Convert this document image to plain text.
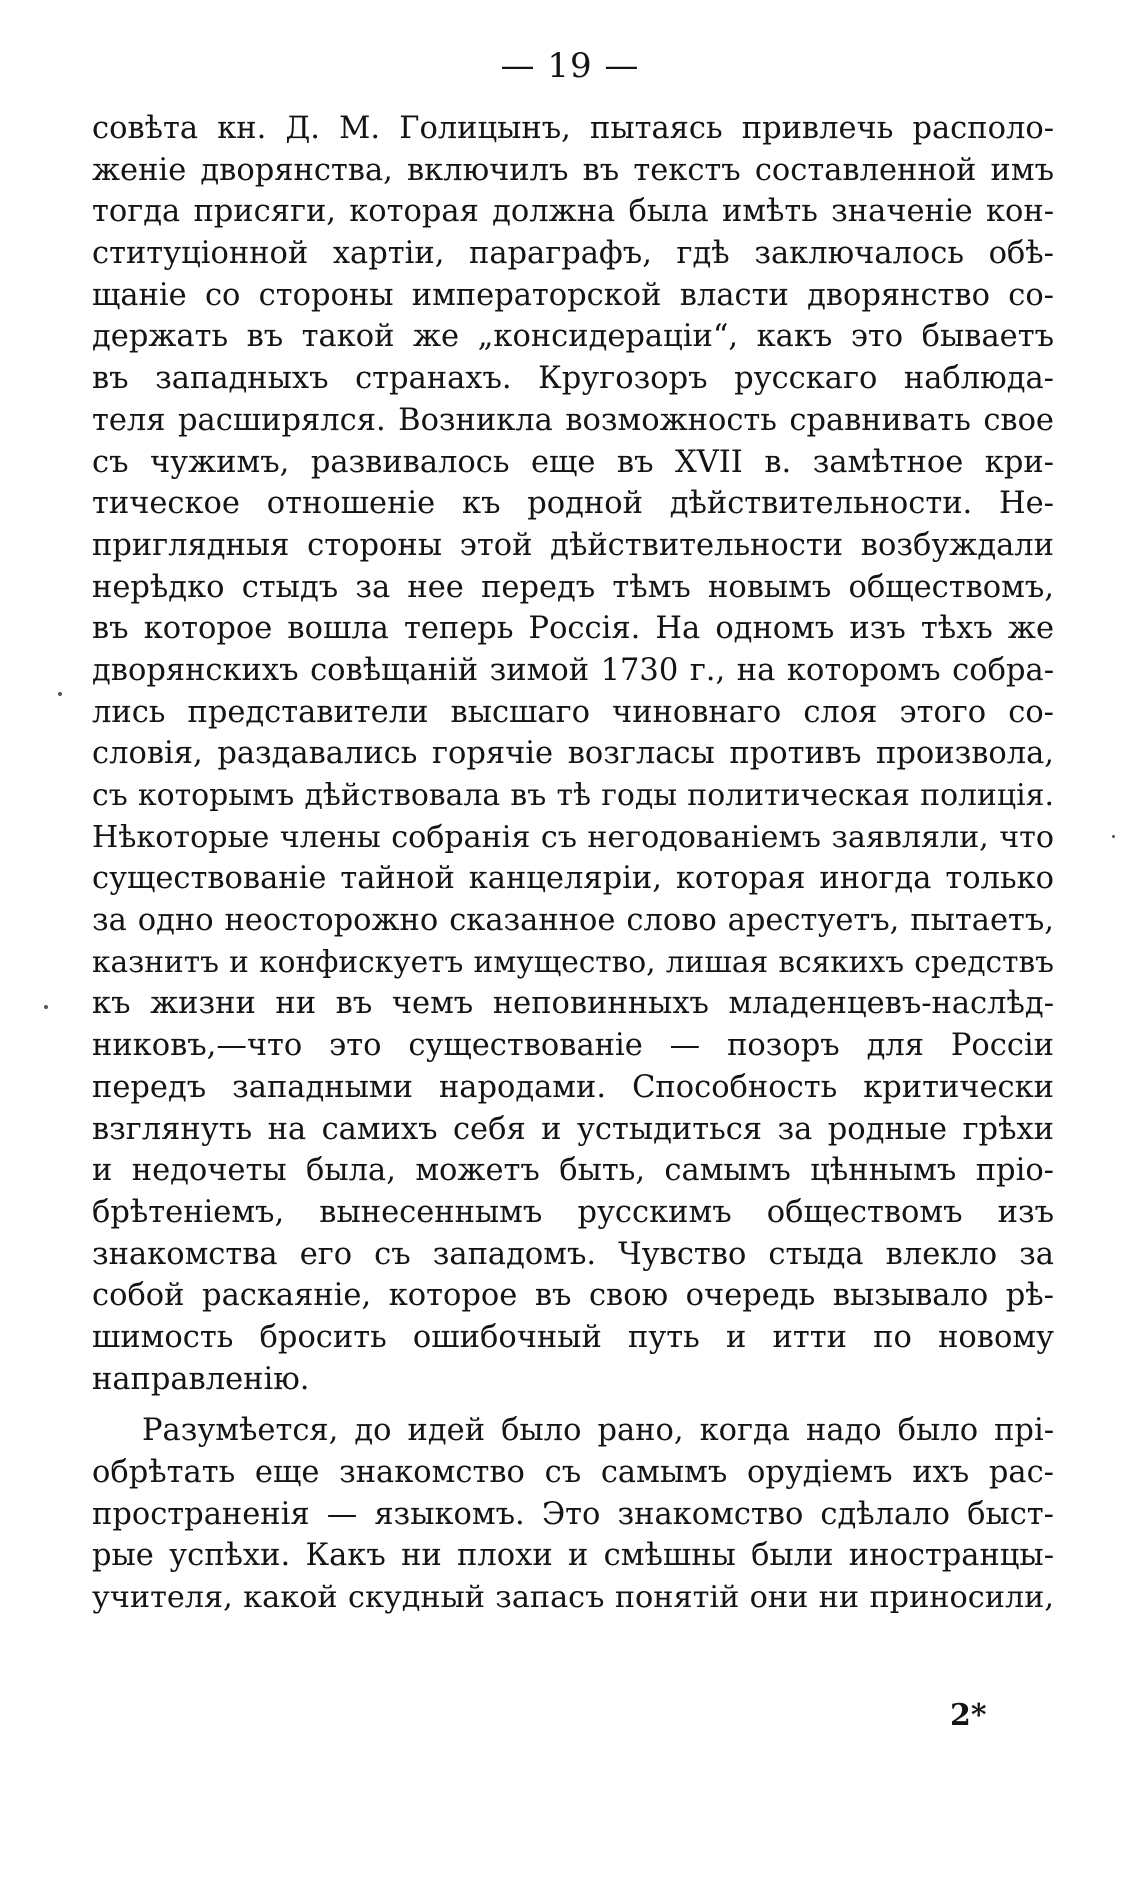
— 19 —
совѣта кн. Д. М. Голицынъ, пытаясь привлечь располо-
женіе дворянства, включилъ въ текстъ составленной имъ
тогда присяги, которая должна была имѣть значеніе кон-
ституціонной хартіи, параграфъ, гдѣ заключалось обѣ-
щаніе со стороны императорской власти дворянство со-
держать въ такой же „консидераціи“, какъ это бываетъ
въ западныхъ странахъ. Кругозоръ русскаго наблюда-
теля расширялся. Возникла возможность сравнивать свое
съ чужимъ, развивалось еще въ XVII в. замѣтное кри-
тическое отношеніе къ родной дѣйствительности. Не-
приглядныя стороны этой дѣйствительности возбуждали
нерѣдко стыдъ за нее передъ тѣмъ новымъ обществомъ,
въ которое вошла теперь Россія. На одномъ изъ тѣхъ же
дворянскихъ совѣщаній зимой 1730 г., на которомъ собра-
лись представители высшаго чиновнаго слоя этого со-
словія, раздавались горячіе возгласы противъ произвола,
съ которымъ дѣйствовала въ тѣ годы политическая полиція.
Нѣкоторые члены собранія съ негодованіемъ заявляли, что
существованіе тайной канцеляріи, которая иногда только
за одно неосторожно сказанное слово арестуетъ, пытаетъ,
казнитъ и конфискуетъ имущество, лишая всякихъ средствъ
къ жизни ни въ чемъ неповинныхъ младенцевъ-наслѣд-
никовъ,—что это существованіе — позоръ для Россіи
передъ западными народами. Способность критически
взглянуть на самихъ себя и устыдиться за родные грѣхи
и недочеты была, можетъ быть, самымъ цѣннымъ пріо-
брѣтеніемъ, вынесеннымъ русскимъ обществомъ изъ
знакомства его съ западомъ. Чувство стыда влекло за
собой раскаяніе, которое въ свою очередь вызывало рѣ-
шимость бросить ошибочный путь и итти по новому
направленію.
Разумѣется, до идей было рано, когда надо было прі-
обрѣтать еще знакомство съ самымъ орудіемъ ихъ рас-
пространенія — языкомъ. Это знакомство сдѣлало быст-
рые успѣхи. Какъ ни плохи и смѣшны были иностранцы-
учителя, какой скудный запасъ понятій они ни приносили,
2*
